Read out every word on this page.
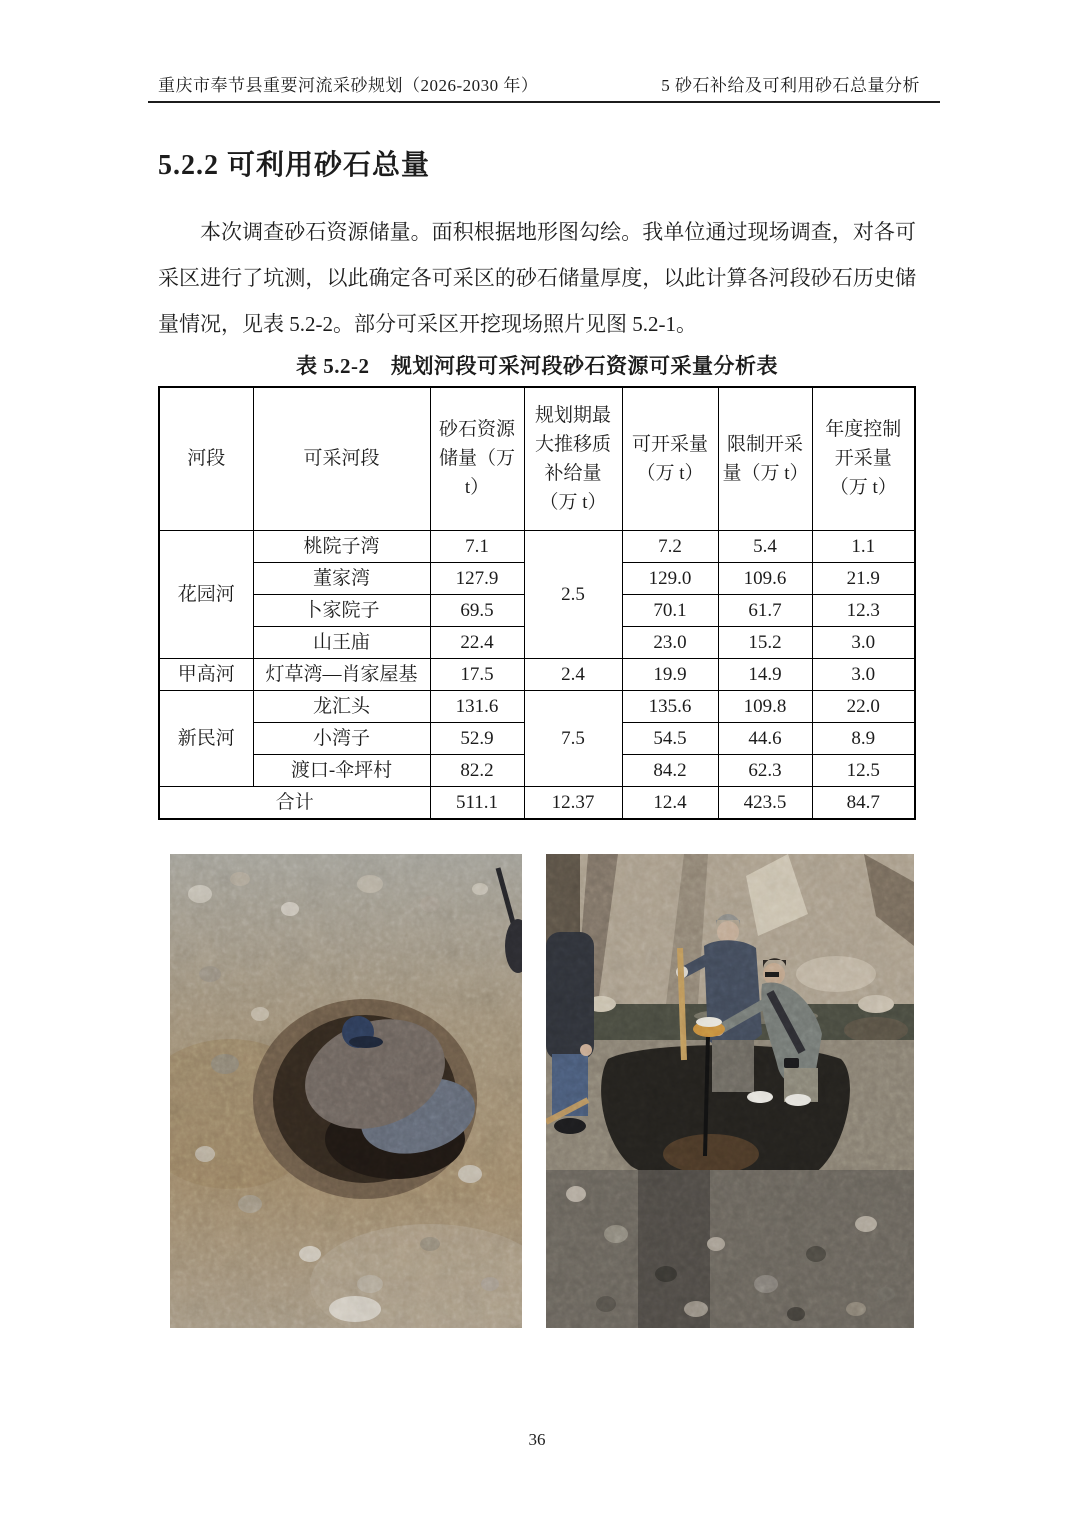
重庆市奉节县重要河流采砂规划（2026-2030 年）	5 砂石补给及可利用砂石总量分析
5.2.2 可利用砂石总量

本次调查砂石资源储量。面积根据地形图勾绘。我单位通过现场调查，对各可采区进行了坑测，以此确定各可采区的砂石储量厚度，以此计算各河段砂石历史储量情况，见表 5.2-2。部分可采区开挖现场照片见图 5.2-1。

表 5.2-2　规划河段可采河段砂石资源可采量分析表
河段	可采河段	砂石资源储量（万 t）	规划期最大推移质补给量（万 t）	可开采量（万 t）	限制开采量（万 t）	年度控制开采量（万 t）
花园河	桃院子湾	7.1	2.5	7.2	5.4	1.1
	董家湾	127.9		129.0	109.6	21.9
	卜家院子	69.5		70.1	61.7	12.3
	山王庙	22.4		23.0	15.2	3.0
甲高河	灯草湾—肖家屋基	17.5	2.4	19.9	14.9	3.0
新民河	龙汇头	131.6	7.5	135.6	109.8	22.0
	小湾子	52.9		54.5	44.6	8.9
	渡口-伞坪村	82.2		84.2	62.3	12.5
合计		511.1	12.37	12.4	423.5	84.7
36
